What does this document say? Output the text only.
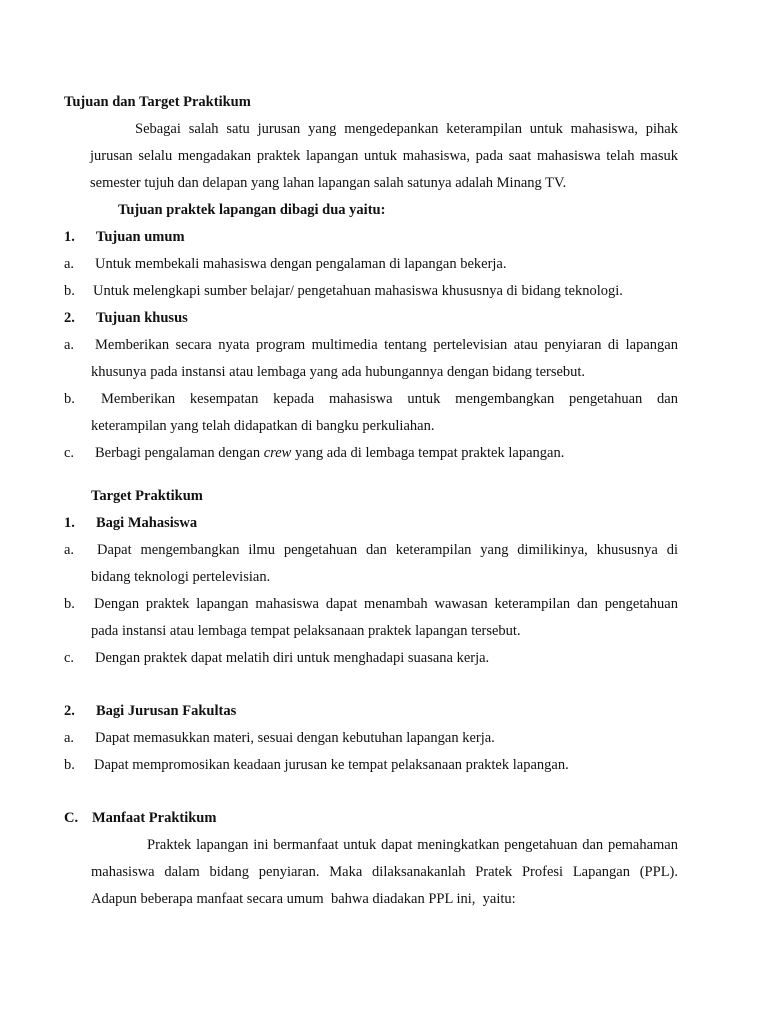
Tujuan dan Target Praktikum
Sebagai salah satu jurusan yang mengedepankan keterampilan untuk mahasiswa, pihak
jurusan selalu mengadakan praktek lapangan untuk mahasiswa, pada saat mahasiswa telah masuk
semester tujuh dan delapan yang lahan lapangan salah satunya adalah Minang TV.
Tujuan praktek lapangan dibagi dua yaitu:
1. Tujuan umum
a. Untuk membekali mahasiswa dengan pengalaman di lapangan bekerja.
b. Untuk melengkapi sumber belajar/ pengetahuan mahasiswa khususnya di bidang teknologi.
2. Tujuan khusus
a. Memberikan secara nyata program multimedia tentang pertelevisian atau penyiaran di lapangan
khusunya pada instansi atau lembaga yang ada hubungannya dengan bidang tersebut.
b. Memberikan kesempatan kepada mahasiswa untuk mengembangkan pengetahuan dan
keterampilan yang telah didapatkan di bangku perkuliahan.
c. Berbagi pengalaman dengan crew yang ada di lembaga tempat praktek lapangan.
Target Praktikum
1. Bagi Mahasiswa
a. Dapat mengembangkan ilmu pengetahuan dan keterampilan yang dimilikinya, khususnya di
bidang teknologi pertelevisian.
b. Dengan praktek lapangan mahasiswa dapat menambah wawasan keterampilan dan pengetahuan
pada instansi atau lembaga tempat pelaksanaan praktek lapangan tersebut.
c. Dengan praktek dapat melatih diri untuk menghadapi suasana kerja.
2. Bagi Jurusan Fakultas
a. Dapat memasukkan materi, sesuai dengan kebutuhan lapangan kerja.
b. Dapat mempromosikan keadaan jurusan ke tempat pelaksanaan praktek lapangan.
C. Manfaat Praktikum
Praktek lapangan ini bermanfaat untuk dapat meningkatkan pengetahuan dan pemahaman
mahasiswa dalam bidang penyiaran. Maka dilaksanakanlah Pratek Profesi Lapangan (PPL).
Adapun beberapa manfaat secara umum  bahwa diadakan PPL ini,  yaitu:
